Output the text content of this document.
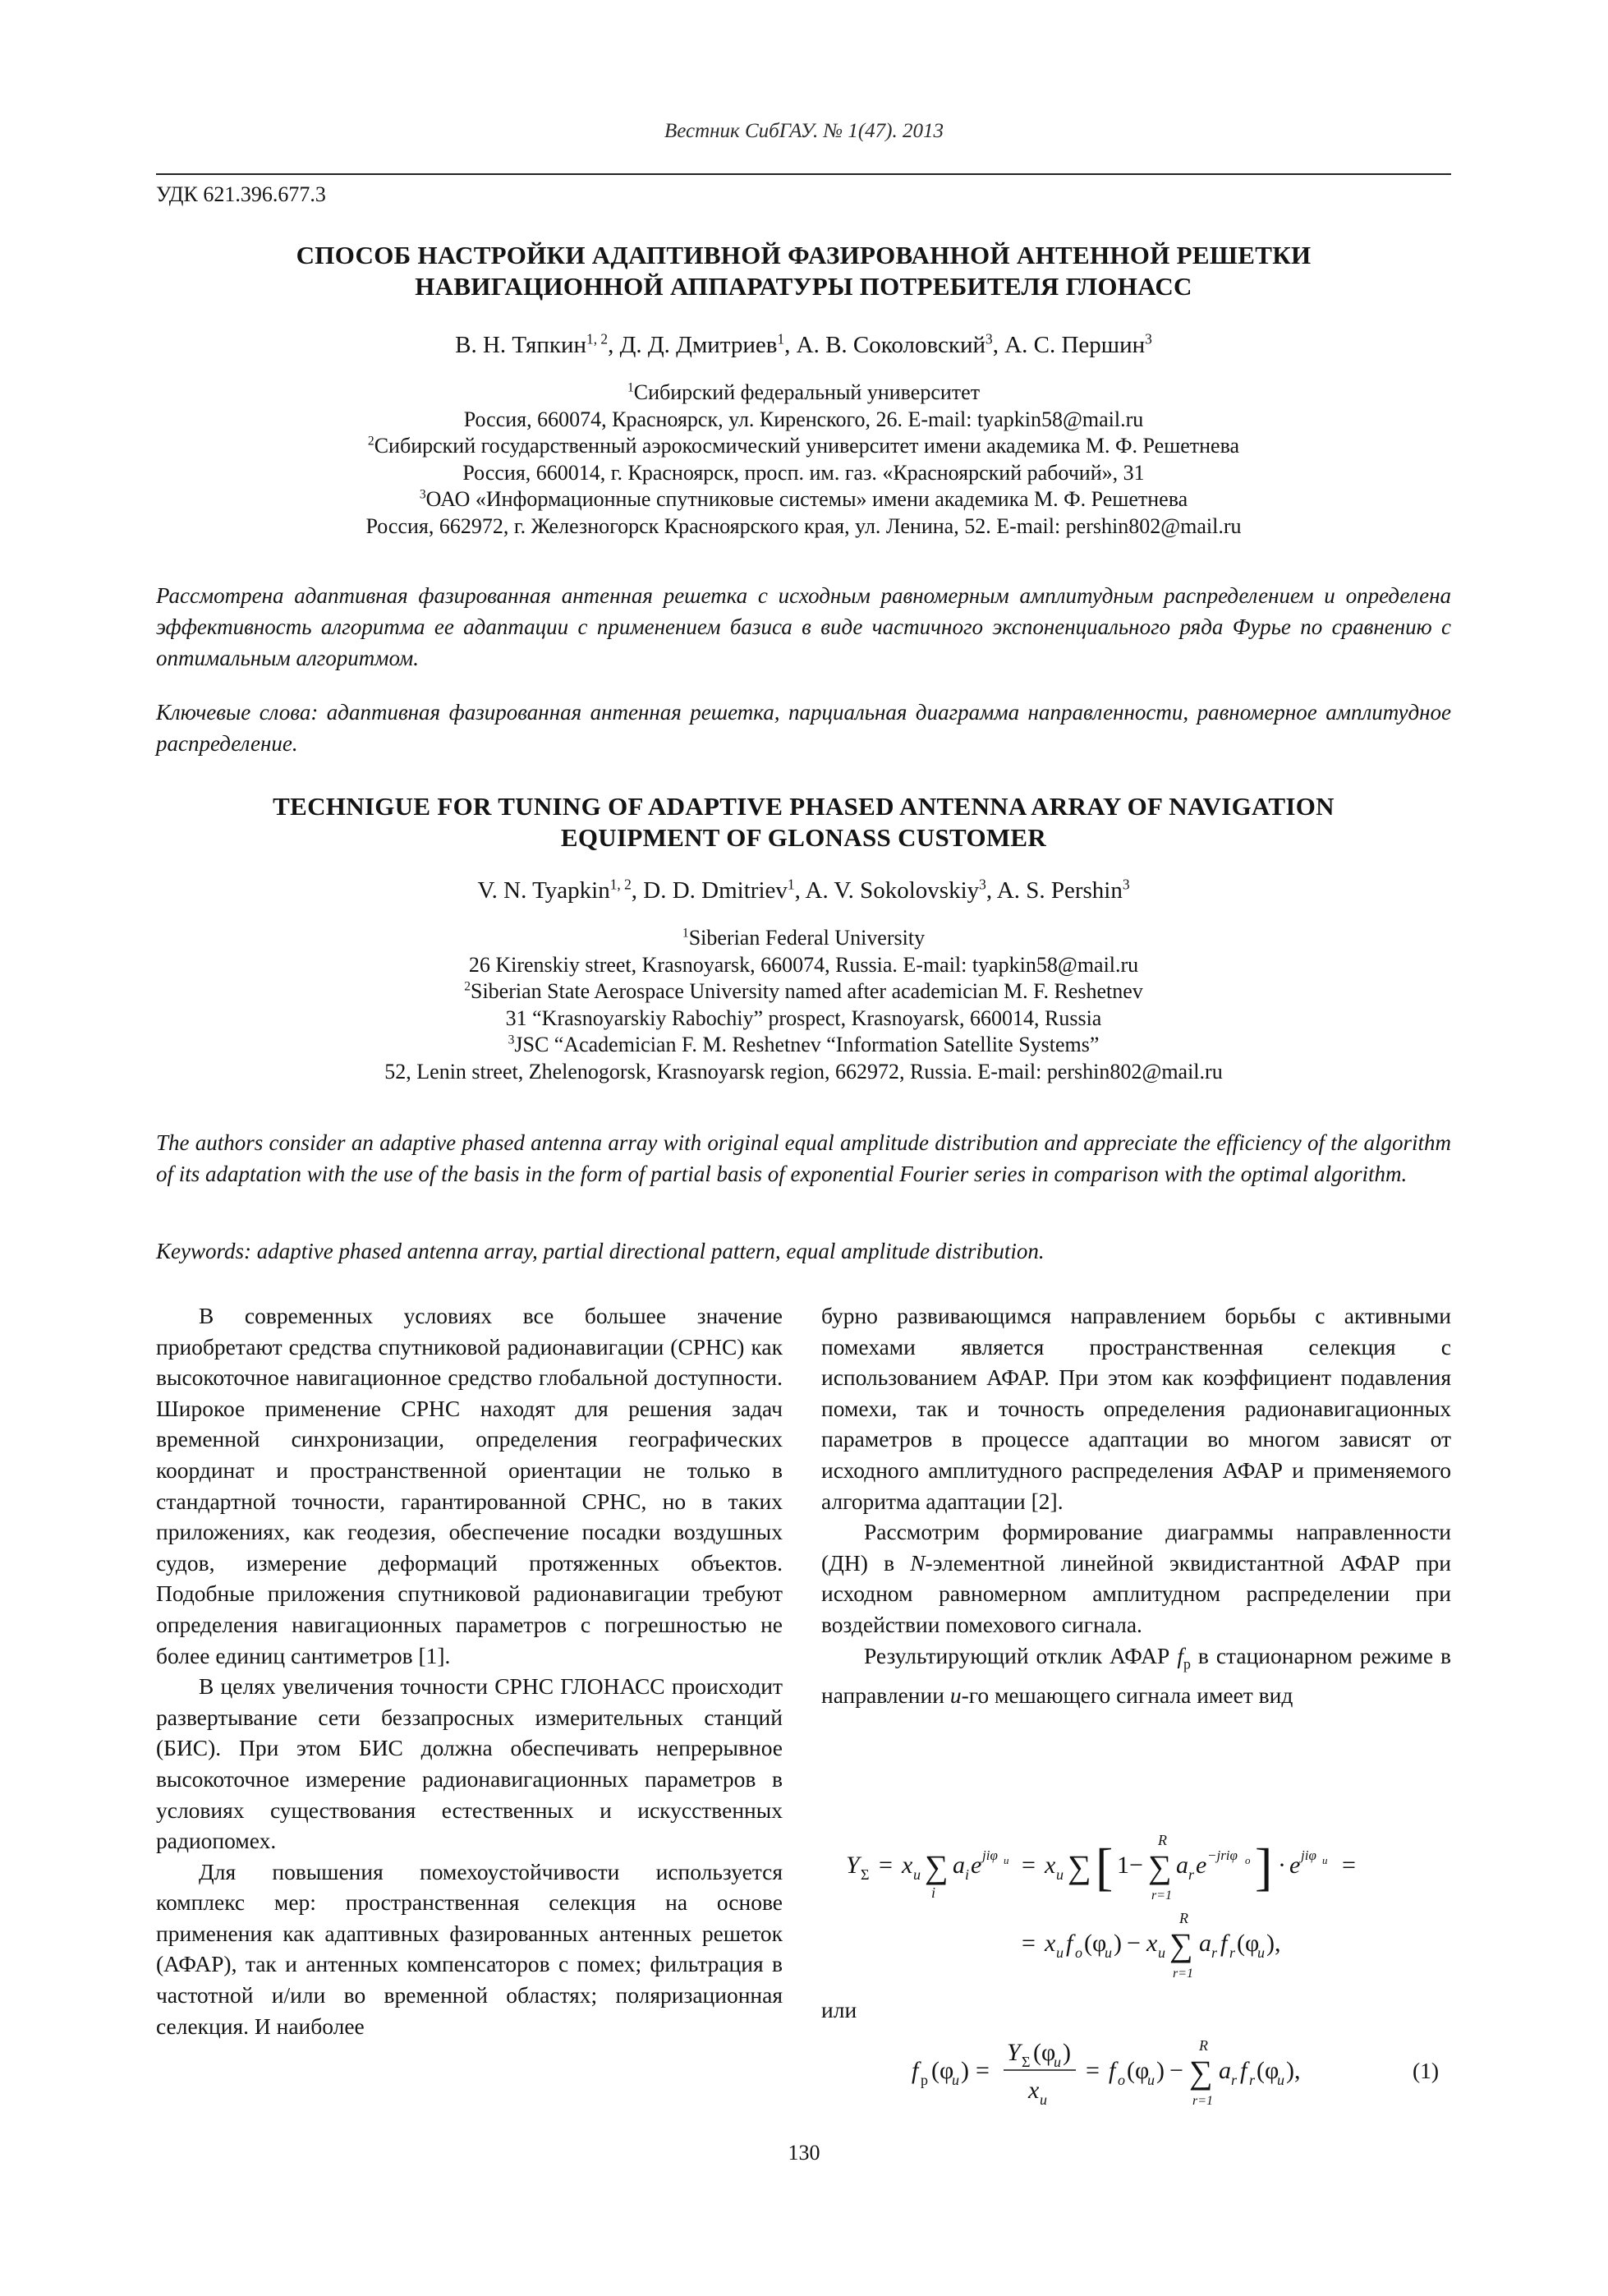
Вестник СибГАУ. № 1(47). 2013
УДК 621.396.677.3
СПОСОБ НАСТРОЙКИ АДАПТИВНОЙ ФАЗИРОВАННОЙ АНТЕННОЙ РЕШЕТКИ
НАВИГАЦИОННОЙ АППАРАТУРЫ ПОТРЕБИТЕЛЯ ГЛОНАСС
В. Н. Тяпкин$^{1, 2}$, Д. Д. Дмитриев$^1$, А. В. Соколовский$^3$, А. С. Першин$^3$
$^1$Сибирский федеральный университет
Россия, 660074, Красноярск, ул. Киренского, 26. E-mail: tyapkin58@mail.ru
$^2$Сибирский государственный аэрокосмический университет имени академика М. Ф. Решетнева
Россия, 660014, г. Красноярск, просп. им. газ. «Красноярский рабочий», 31
$^3$ОАО «Информационные спутниковые системы» имени академика М. Ф. Решетнева
Россия, 662972, г. Железногорск Красноярского края, ул. Ленина, 52. E-mail: pershin802@mail.ru
Рассмотрена адаптивная фазированная антенная решетка с исходным равномерным амплитудным распределением и определена эффективность алгоритма ее адаптации с применением базиса в виде частичного экспоненциального ряда Фурье по сравнению с оптимальным алгоритмом.
Ключевые слова: адаптивная фазированная антенная решетка, парциальная диаграмма направленности, равномерное амплитудное распределение.
TECHNIGUE FOR TUNING OF ADAPTIVE PHASED ANTENNA ARRAY OF NAVIGATION
EQUIPMENT OF GLONASS CUSTOMER
V. N. Tyapkin$^{1, 2}$, D. D. Dmitriev$^1$, A. V. Sokolovskiy$^3$, A. S. Pershin$^3$
$^1$Siberian Federal University
26 Kirenskiy street, Krasnoyarsk, 660074, Russia. E-mail: tyapkin58@mail.ru
$^2$Siberian State Aerospace University named after academician M. F. Reshetnev
31 “Krasnoyarskiy Rabochiy” prospect, Krasnoyarsk, 660014, Russia
$^3$JSC “Academician F. M. Reshetnev “Information Satellite Systems”
52, Lenin street, Zhelenogorsk, Krasnoyarsk region, 662972, Russia. E-mail: pershin802@mail.ru
The authors consider an adaptive phased antenna array with original equal amplitude distribution and appreciate the efficiency of the algorithm of its adaptation with the use of the basis in the form of partial basis of exponential Fourier series in comparison with the optimal algorithm.
Keywords: adaptive phased antenna array, partial directional pattern, equal amplitude distribution.

В современных условиях все большее значение приобретают средства спутниковой радионавигации (СРНС) как высокоточное навигационное средство глобальной доступности. Широкое применение СРНС находят для решения задач временной синхронизации, определения географических координат и пространственной ориентации не только в стандартной точности, гарантированной СРНС, но в таких приложениях, как геодезия, обеспечение посадки воздушных судов, измерение деформаций протяженных объектов. Подобные приложения спутниковой радионавигации требуют определения навигационных параметров с погрешностью не более единиц сантиметров [1].

В целях увеличения точности СРНС ГЛОНАСС происходит развертывание сети беззапросных измерительных станций (БИС). При этом БИС должна обеспечивать непрерывное высокоточное измерение радионавигационных параметров в условиях существования естественных и искусственных радиопомех.

Для повышения помехоустойчивости используется комплекс мер: пространственная селекция на основе применения как адаптивных фазированных антенных решеток (АФАР), так и антенных компенсаторов с помех; фильтрация в частотной и/или во временной областях; поляризационная селекция. И наиболее

бурно развивающимся направлением борьбы с активными помехами является пространственная селекция с использованием АФАР. При этом как коэффициент подавления помехи, так и точность определения радионавигационных параметров в процессе адаптации во многом зависят от исходного амплитудного распределения АФАР и применяемого алгоритма адаптации [2].

Рассмотрим формирование диаграммы направленности (ДН) в N-элементной линейной эквидистантной АФАР при исходном равномерном амплитудном распределении при воздействии помехового сигнала.

Результирующий отклик АФАР $f_р$ в стационарном режиме в направлении u-го мешающего сигнала имеет вид

Y Σ = x u ∑
i
a i e jiφ u = x u ∑ [ 1− ∑
R
r=1
a r e −jriφ o ] · e jiφ u =
= x u f o (φ
u ) − x u ∑
R
r=1
a r f r (φ
u ),
f р (φ
u ) =
Y Σ (φ
u )
x u
= f o (φ
u ) − ∑
R
r=1
a r f r (φ
u ),
или
(1)
130
